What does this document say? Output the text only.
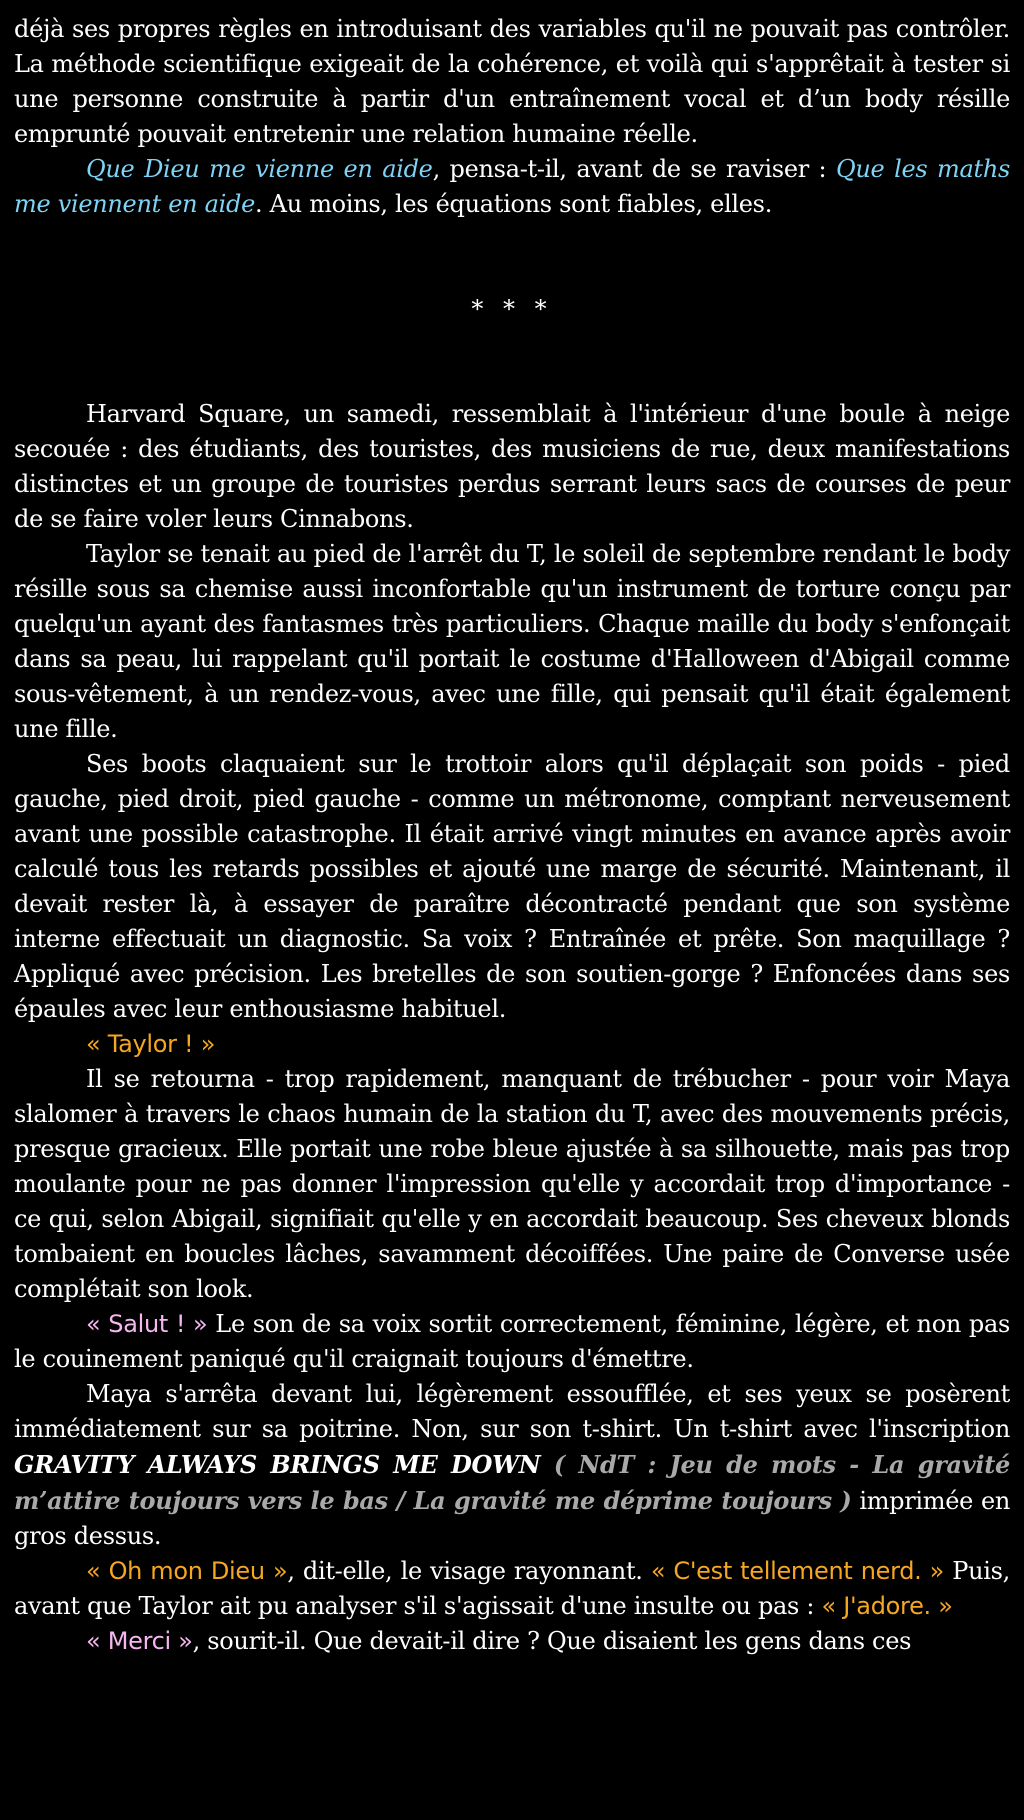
déjà ses propres règles en introduisant des variables qu'il ne pouvait pas contrôler. La méthode scientifique exigeait de la cohérence, et voilà qui s'apprêtait à tester si une personne construite à partir d'un entraînement vocal et d’un body résille emprunté pouvait entretenir une relation humaine réelle.

Que Dieu me vienne en aide, pensa-t-il, avant de se raviser : Que les maths me viennent en aide. Au moins, les équations sont fiables, elles.

* * *

Harvard Square, un samedi, ressemblait à l'intérieur d'une boule à neige secouée : des étudiants, des touristes, des musiciens de rue, deux manifestations distinctes et un groupe de touristes perdus serrant leurs sacs de courses de peur de se faire voler leurs Cinnabons.

Taylor se tenait au pied de l'arrêt du T, le soleil de septembre rendant le body résille sous sa chemise aussi inconfortable qu'un instrument de torture conçu par quelqu'un ayant des fantasmes très particuliers. Chaque maille du body s'enfonçait dans sa peau, lui rappelant qu'il portait le costume d'Halloween d'Abigail comme sous-vêtement, à un rendez-vous, avec une fille, qui pensait qu'il était également une fille.

Ses boots claquaient sur le trottoir alors qu'il déplaçait son poids - pied gauche, pied droit, pied gauche - comme un métronome, comptant nerveusement avant une possible catastrophe. Il était arrivé vingt minutes en avance après avoir calculé tous les retards possibles et ajouté une marge de sécurité. Maintenant, il devait rester là, à essayer de paraître décontracté pendant que son système interne effectuait un diagnostic. Sa voix ? Entraînée et prête. Son maquillage ? Appliqué avec précision. Les bretelles de son soutien-gorge ? Enfoncées dans ses épaules avec leur enthousiasme habituel.

« Taylor ! »

Il se retourna - trop rapidement, manquant de trébucher - pour voir Maya slalomer à travers le chaos humain de la station du T, avec des mouvements précis, presque gracieux. Elle portait une robe bleue ajustée à sa silhouette, mais pas trop moulante pour ne pas donner l'impression qu'elle y accordait trop d'importance - ce qui, selon Abigail, signifiait qu'elle y en accordait beaucoup. Ses cheveux blonds tombaient en boucles lâches, savamment décoiffées. Une paire de Converse usée complétait son look.

« Salut ! » Le son de sa voix sortit correctement, féminine, légère, et non pas le couinement paniqué qu'il craignait toujours d'émettre.

Maya s'arrêta devant lui, légèrement essoufflée, et ses yeux se posèrent immédiatement sur sa poitrine. Non, sur son t-shirt. Un t-shirt avec l'inscription GRAVITY ALWAYS BRINGS ME DOWN ( NdT : Jeu de mots - La gravité m’attire toujours vers le bas / La gravité me déprime toujours ) imprimée en gros dessus.

« Oh mon Dieu », dit-elle, le visage rayonnant. « C'est tellement nerd. » Puis, avant que Taylor ait pu analyser s'il s'agissait d'une insulte ou pas : « J'adore. »

« Merci », sourit-il. Que devait-il dire ? Que disaient les gens dans ces
